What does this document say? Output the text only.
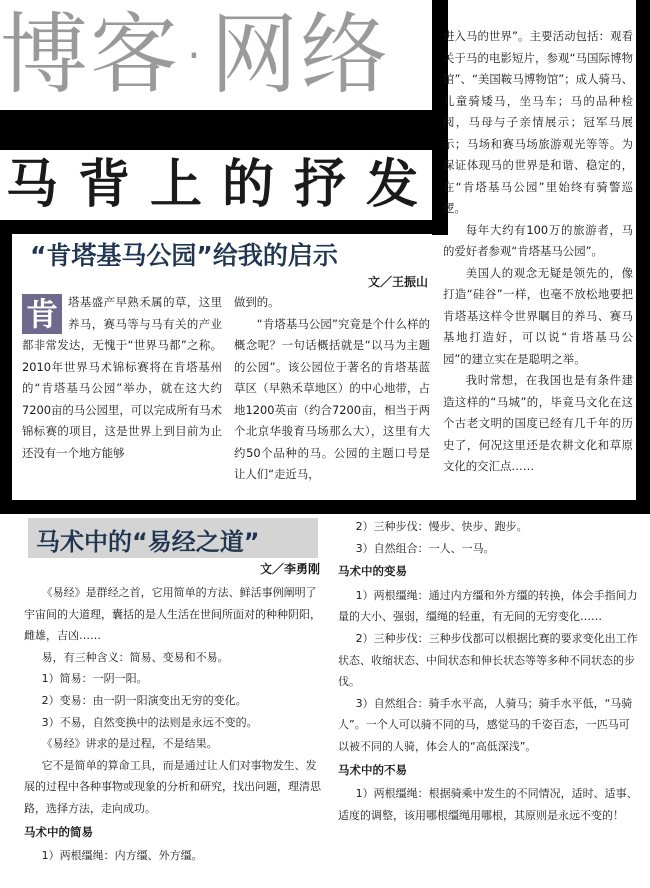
博客·网络
马背上的抒发
“肯塔基马公园”给我的启示
文／王振山
肯 塔基盛产早熟禾属的草，这里养马，赛马等与马有关的产业都非常发达，无愧于“世界马都”之称。2010年世界马术锦标赛将在肯塔基州的“肯塔基马公园”举办，就在这大约7200亩的马公园里，可以完成所有马术锦标赛的项目，这是世界上到目前为止还没有一个地方能够

做到的。

“肯塔基马公园”究竟是个什么样的概念呢？一句话概括就是“以马为主题的公园”。该公园位于著名的肯塔基蓝草区（早熟禾草地区）的中心地带，占地1200英亩（约合7200亩，相当于两个北京华骏育马场那么大），这里有大约50个品种的马。公园的主题口号是让人们“走近马，

进入马的世界”。主要活动包括：观看关于马的电影短片，参观“马国际博物馆”、“美国鞍马博物馆”；成人骑马、儿童骑矮马，坐马车；马的品种检阅，马母与子亲情展示；冠军马展示；马场和赛马场旅游观光等等。为保证体现马的世界是和谐、稳定的，在“肯塔基马公园”里始终有骑警巡逻。

每年大约有100万的旅游者，马的爱好者参观“肯塔基马公园”。

美国人的观念无疑是领先的，像打造“硅谷”一样，也毫不放松地要把肯塔基这样令世界瞩目的养马、赛马基地打造好，可以说“肯塔基马公园”的建立实在是聪明之举。

我时常想，在我国也是有条件建造这样的“马城”的，毕竟马文化在这个古老文明的国度已经有几千年的历史了，何况这里还是农耕文化和草原文化的交汇点……

马术中的“易经之道”
文／李勇刚

《易经》是群经之首，它用简单的方法、鲜活事例阐明了宇宙间的大道理，囊括的是人生活在世间所面对的种种阴阳，雌雄，吉凶……

易，有三种含义：简易、变易和不易。

1）简易：一阴一阳。

2）变易：由一阴一阳演变出无穷的变化。

3）不易，自然变换中的法则是永远不变的。

《易经》讲求的是过程，不是结果。

它不是简单的算命工具，而是通过让人们对事物发生、发展的过程中各种事物或现象的分析和研究，找出问题，理清思路，选择方法，走向成功。

马术中的简易

1）两根缰绳：内方缰、外方缰。

2）三种步伐：慢步、快步、跑步。

3）自然组合：一人、一马。

马术中的变易

1）两根缰绳：通过内方缰和外方缰的转换，体会手指间力量的大小、强弱，缰绳的轻重，有无间的无穷变化……

2）三种步伐：三种步伐都可以根据比赛的要求变化出工作状态、收缩状态、中间状态和伸长状态等等多种不同状态的步伐。

3）自然组合：骑手水平高，人骑马；骑手水平低，“马骑人”。一个人可以骑不同的马，感觉马的千姿百态，一匹马可以被不同的人骑，体会人的“高低深浅”。

马术中的不易

1）两根缰绳：根据骑乘中发生的不同情况，适时、适事、适度的调整，该用哪根缰绳用哪根，其原则是永远不变的！
